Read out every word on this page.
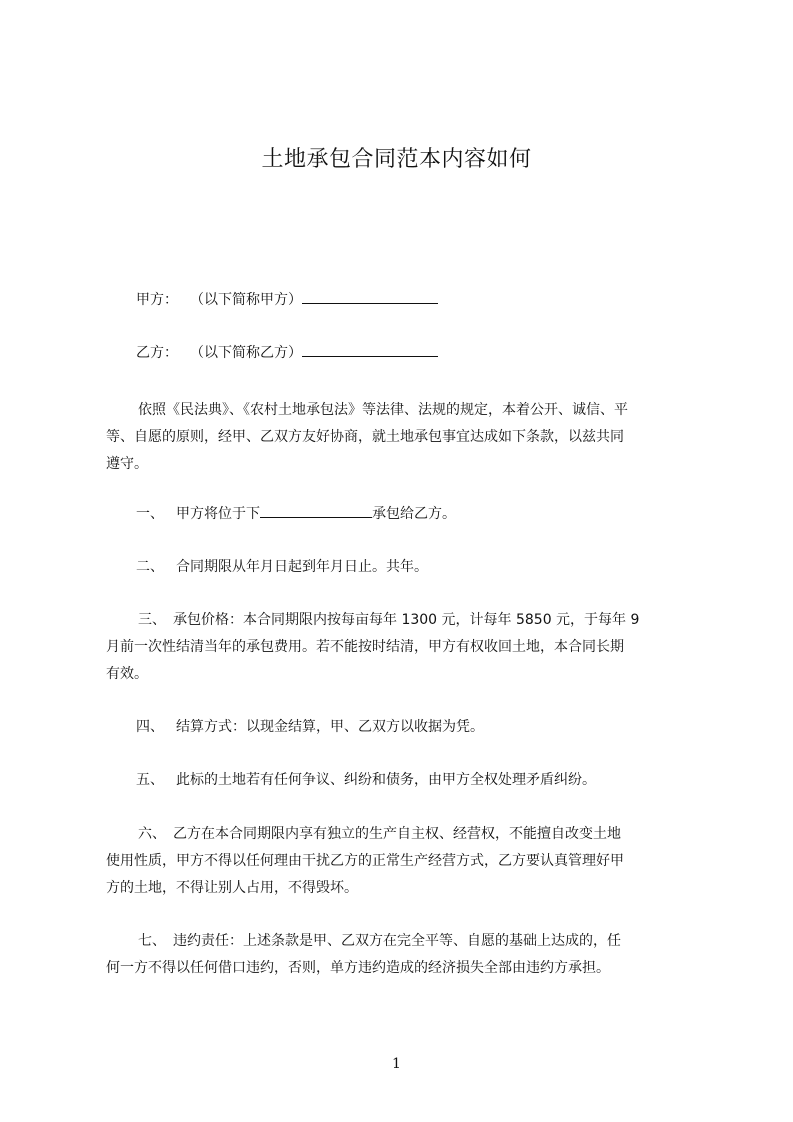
土地承包合同范本内容如何
甲方： （以下简称甲方）
乙方： （以下简称乙方）
依照《民法典》、《农村土地承包法》等法律、法规的规定，本着公开、诚信、平
等、自愿的原则，经甲、乙双方友好协商，就土地承包事宜达成如下条款，以兹共同
遵守。
一、 甲方将位于下	承包给乙方。
二、 合同期限从年月日起到年月日止。共年。
三、　承包价格：本合同期限内按每亩每年 1300 元，计每年 5850 元，于每年 9
月前一次性结清当年的承包费用。若不能按时结清，甲方有权收回土地，本合同长期
有效。
四、 结算方式：以现金结算，甲、乙双方以收据为凭。
五、 此标的土地若有任何争议、纠纷和债务，由甲方全权处理矛盾纠纷。
六、　乙方在本合同期限内享有独立的生产自主权、经营权，不能擅自改变土地
使用性质，甲方不得以任何理由干扰乙方的正常生产经营方式，乙方要认真管理好甲
方的土地，不得让别人占用，不得毁坏。
七、　违约责任：上述条款是甲、乙双方在完全平等、自愿的基础上达成的，任
何一方不得以任何借口违约，否则，单方违约造成的经济损失全部由违约方承担。
1
